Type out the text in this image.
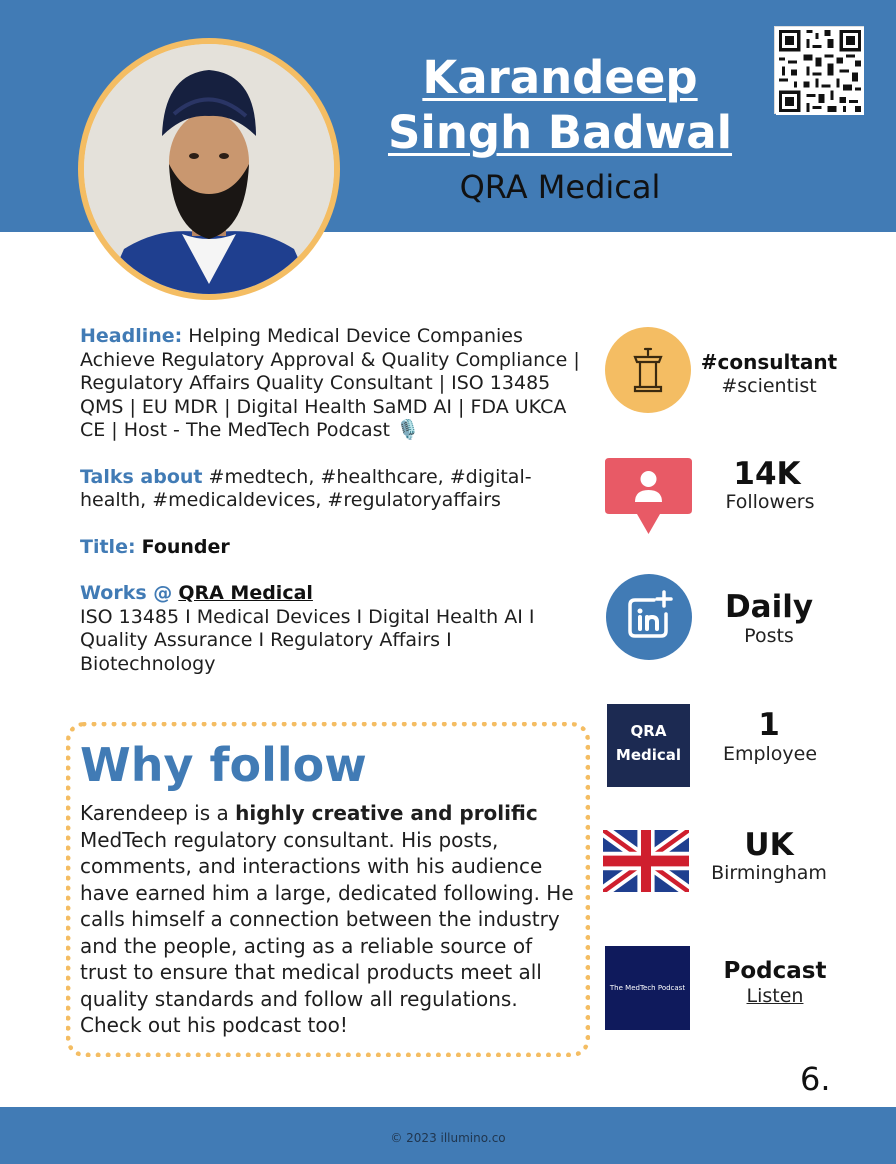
Karandeep
Singh Badwal
QRA Medical
Headline: Helping Medical Device Companies Achieve Regulatory Approval & Quality Compliance | Regulatory Affairs Quality Consultant | ISO 13485 QMS | EU MDR | Digital Health SaMD AI | FDA UKCA CE | Host - The MedTech Podcast 🎙️
Talks about #medtech, #healthcare, #digital-health, #medicaldevices, #regulatoryaffairs
Title: Founder
Works @ QRA Medical
ISO 13485 I Medical Devices I Digital Health AI I Quality Assurance I Regulatory Affairs I Biotechnology
Why follow
Karendeep is a highly creative and prolific MedTech regulatory consultant. His posts, comments, and interactions with his audience have earned him a large, dedicated following. He calls himself a connection between the industry and the people, acting as a reliable source of trust to ensure that medical products meet all quality standards and follow all regulations. Check out his podcast too!
#consultant
#scientist
14K
Followers
Daily
Posts
QRA
Medical
1
Employee
UK
Birmingham
The MedTech Podcast
Podcast
Listen
6.
© 2023 illumino.co
